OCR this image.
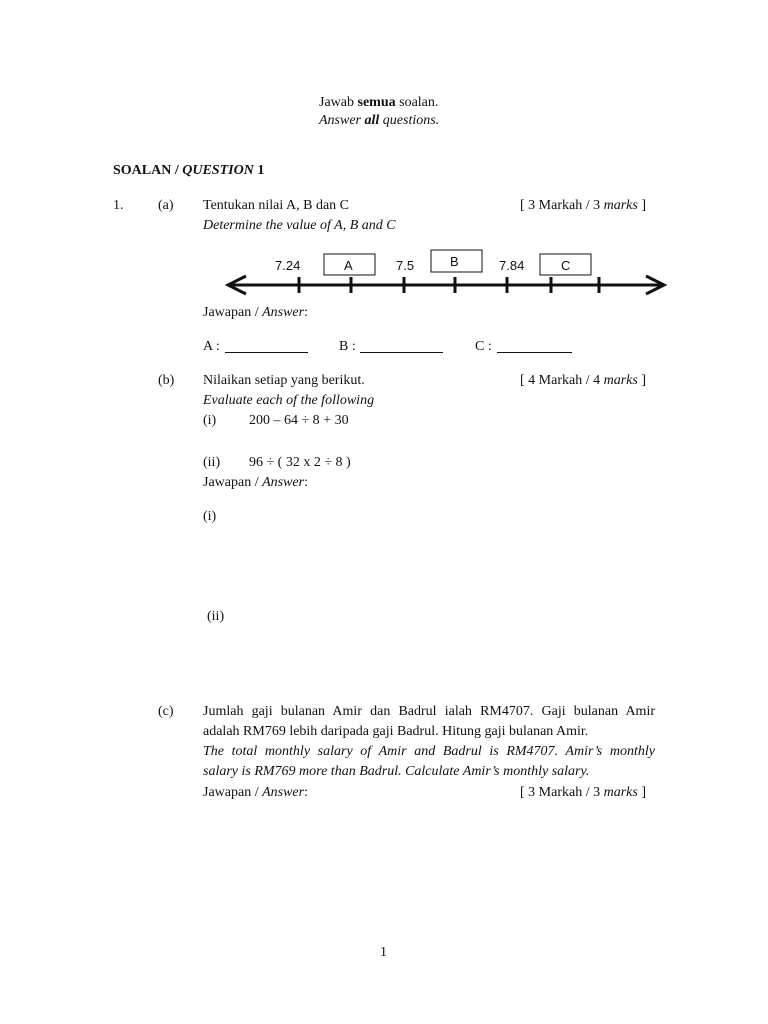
Jawab semua soalan.
Answer all questions.
SOALAN / QUESTION 1
1. (a) Tentukan nilai A, B dan C	[ 3 Markah / 3 marks ]
Determine the value of A, B and C
7.24	A	7.5	B	7.84	C
Jawapan / Answer:
A :	B :	C :
(b) Nilaikan setiap yang berikut.	[ 4 Markah / 4 marks ]
Evaluate each of the following
(i) 200 – 64 ÷ 8 + 30
(ii) 96 ÷ ( 32 x 2 ÷ 8 )
Jawapan / Answer:
(i)
(ii)
(c) Jumlah gaji bulanan Amir dan Badrul ialah RM4707. Gaji bulanan Amir
adalah RM769 lebih daripada gaji Badrul. Hitung gaji bulanan Amir.
The total monthly salary of Amir and Badrul is RM4707. Amir’s monthly
salary is RM769 more than Badrul. Calculate Amir’s monthly salary.
Jawapan / Answer:	[ 3 Markah / 3 marks ]
1
